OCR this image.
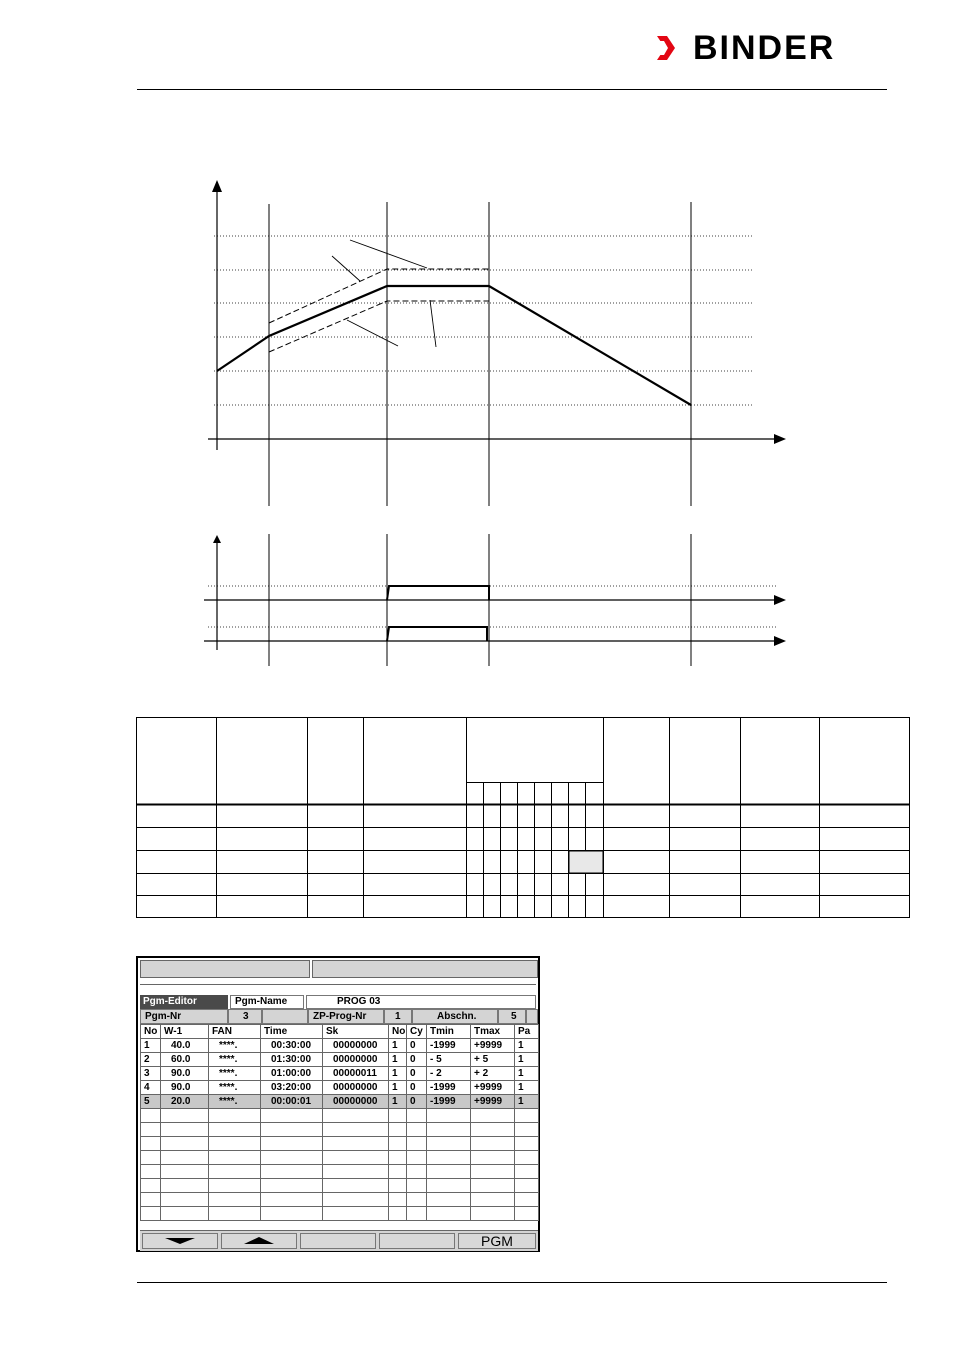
BINDER
Pgm-Editor	Pgm-Name	PROG 03
Pgm-Nr	3	ZP-Prog-Nr	1	Abschn.	5
No	W-1	FAN	Time	Sk	No	Cy	Tmin	Tmax	Pa
1	40.0	****.	00:30:00	00000000	1	0	-1999	+9999	1
2	60.0	****.	01:30:00	00000000	1	0	- 5	+ 5	1
3	90.0	****.	01:00:00	00000011	1	0	- 2	+ 2	1
4	90.0	****.	03:20:00	00000000	1	0	-1999	+9999	1
5	20.0	****.	00:00:01	00000000	1	0	-1999	+9999	1

PGM
